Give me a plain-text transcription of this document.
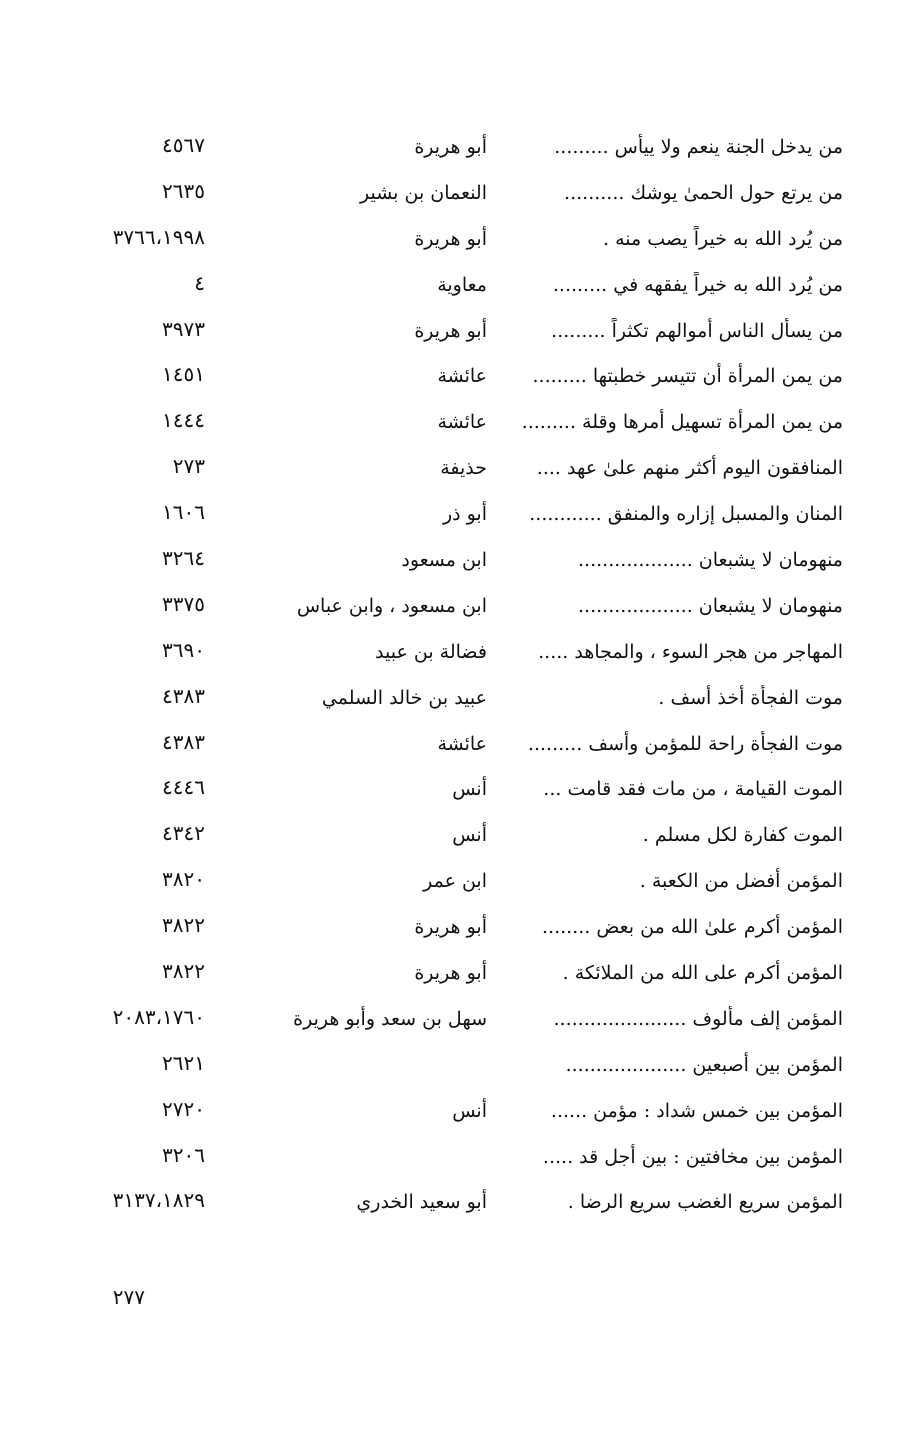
من يدخل الجنة ينعم ولا ييأس .........
أبو هريرة
٤٥٦٧
من يرتع حول الحمىٰ يوشك ..........
النعمان بن بشير
٢٦٣٥
من يُرد الله به خيراً يصب منه .
أبو هريرة
٣٧٦٦،١٩٩٨
من يُرد الله به خيراً يفقهه في .........
معاوية
٤
من يسأل الناس أموالهم تكثراً .........
أبو هريرة
٣٩٧٣
من يمن المرأة أن تتيسر خطبتها .........
عائشة
١٤٥١
من يمن المرأة تسهيل أمرها وقلة .........
عائشة
١٤٤٤
المنافقون اليوم أكثر منهم علىٰ عهد ....
حذيفة
٢٧٣
المنان والمسبل إزاره والمنفق ............
أبو ذر
١٦٠٦
منهومان لا يشبعان ...................
ابن مسعود
٣٢٦٤
منهومان لا يشبعان ...................
ابن مسعود ، وابن عباس
٣٣٧٥
المهاجر من هجر السوء ، والمجاهد .....
فضالة بن عبيد
٣٦٩٠
موت الفجأة أخذ أسف .
عبيد بن خالد السلمي
٤٣٨٣
موت الفجأة راحة للمؤمن وأسف .........
عائشة
٤٣٨٣
الموت القيامة ، من مات فقد قامت ...
أنس
٤٤٤٦
الموت كفارة لكل مسلم .
أنس
٤٣٤٢
المؤمن أفضل من الكعبة .
ابن عمر
٣٨٢٠
المؤمن أكرم علىٰ الله من بعض ........
أبو هريرة
٣٨٢٢
المؤمن أكرم على الله من الملائكة .
أبو هريرة
٣٨٢٢
المؤمن إلف مألوف ......................
سهل بن سعد وأبو هريرة
٢٠٨٣،١٧٦٠
المؤمن بين أصبعين ....................
٢٦٢١
المؤمن بين خمس شداد : مؤمن ......
أنس
٢٧٢٠
المؤمن بين مخافتين : بين أجل قد .....
٣٢٠٦
المؤمن سريع الغضب سريع الرضا .
أبو سعيد الخدري
٣١٣٧،١٨٢٩
٢٧٧
